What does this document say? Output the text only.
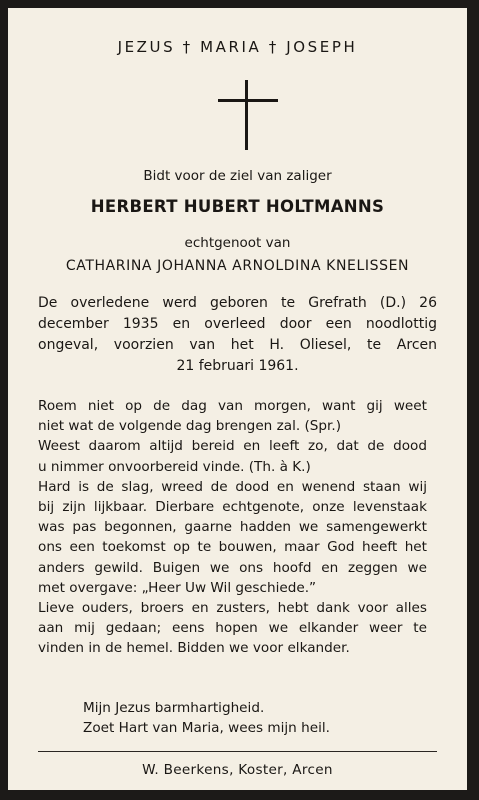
JEZUS † MARIA † JOSEPH
Bidt voor de ziel van zaliger
HERBERT HUBERT HOLTMANNS
echtgenoot van
CATHARINA JOHANNA ARNOLDINA KNELISSEN
De overledene werd geboren te Grefrath (D.) 26
december 1935 en overleed door een noodlottig
ongeval, voorzien van het H. Oliesel, te Arcen
21 februari 1961.
Roem niet op de dag van morgen, want gij weet
niet wat de volgende dag brengen zal. (Spr.)
Weest daarom altijd bereid en leeft zo, dat de dood
u nimmer onvoorbereid vinde. (Th. à K.)
Hard is de slag, wreed de dood en wenend staan wij
bij zijn lijkbaar. Dierbare echtgenote, onze levenstaak
was pas begonnen, gaarne hadden we samengewerkt
ons een toekomst op te bouwen, maar God heeft het
anders gewild. Buigen we ons hoofd en zeggen we
met overgave: „Heer Uw Wil geschiede.”
Lieve ouders, broers en zusters, hebt dank voor alles
aan mij gedaan; eens hopen we elkander weer te
vinden in de hemel. Bidden we voor elkander.
Mijn Jezus barmhartigheid.
Zoet Hart van Maria, wees mijn heil.
W. Beerkens, Koster, Arcen
